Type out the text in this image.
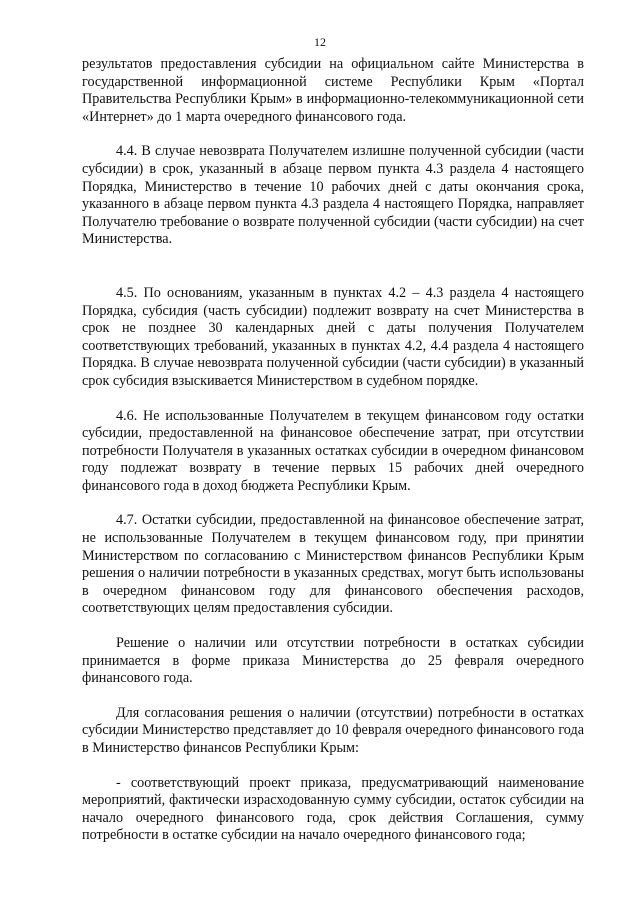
12

результатов предоставления субсидии на официальном сайте Министерства в государственной информационной системе Республики Крым «Портал Правительства Республики Крым» в информационно-телекоммуникационной сети «Интернет» до 1 марта очередного финансового года.

4.4. В случае невозврата Получателем излишне полученной субсидии (части субсидии) в срок, указанный в абзаце первом пункта 4.3 раздела 4 настоящего Порядка, Министерство в течение 10 рабочих дней с даты окончания срока, указанного в абзаце первом пункта 4.3 раздела 4 настоящего Порядка, направляет Получателю требование о возврате полученной субсидии (части субсидии) на счет Министерства.

4.5. По основаниям, указанным в пунктах 4.2 – 4.3 раздела 4 настоящего Порядка, субсидия (часть субсидии) подлежит возврату на счет Министерства в срок не позднее 30 календарных дней с даты получения Получателем соответствующих требований, указанных в пунктах 4.2, 4.4 раздела 4 настоящего Порядка. В случае невозврата полученной субсидии (части субсидии) в указанный срок субсидия взыскивается Министерством в судебном порядке.

4.6. Не использованные Получателем в текущем финансовом году остатки субсидии, предоставленной на финансовое обеспечение затрат, при отсутствии потребности Получателя в указанных остатках субсидии в очередном финансовом году подлежат возврату в течение первых 15 рабочих дней очередного финансового года в доход бюджета Республики Крым.

4.7. Остатки субсидии, предоставленной на финансовое обеспечение затрат, не использованные Получателем в текущем финансовом году, при принятии Министерством по согласованию с Министерством финансов Республики Крым решения о наличии потребности в указанных средствах, могут быть использованы в очередном финансовом году для финансового обеспечения расходов, соответствующих целям предоставления субсидии.

Решение о наличии или отсутствии потребности в остатках субсидии принимается в форме приказа Министерства до 25 февраля очередного финансового года.

Для согласования решения о наличии (отсутствии) потребности в остатках субсидии Министерство представляет до 10 февраля очередного финансового года в Министерство финансов Республики Крым:

- соответствующий проект приказа, предусматривающий наименование мероприятий, фактически израсходованную сумму субсидии, остаток субсидии на начало очередного финансового года, срок действия Соглашения, сумму потребности в остатке субсидии на начало очередного финансового года;
